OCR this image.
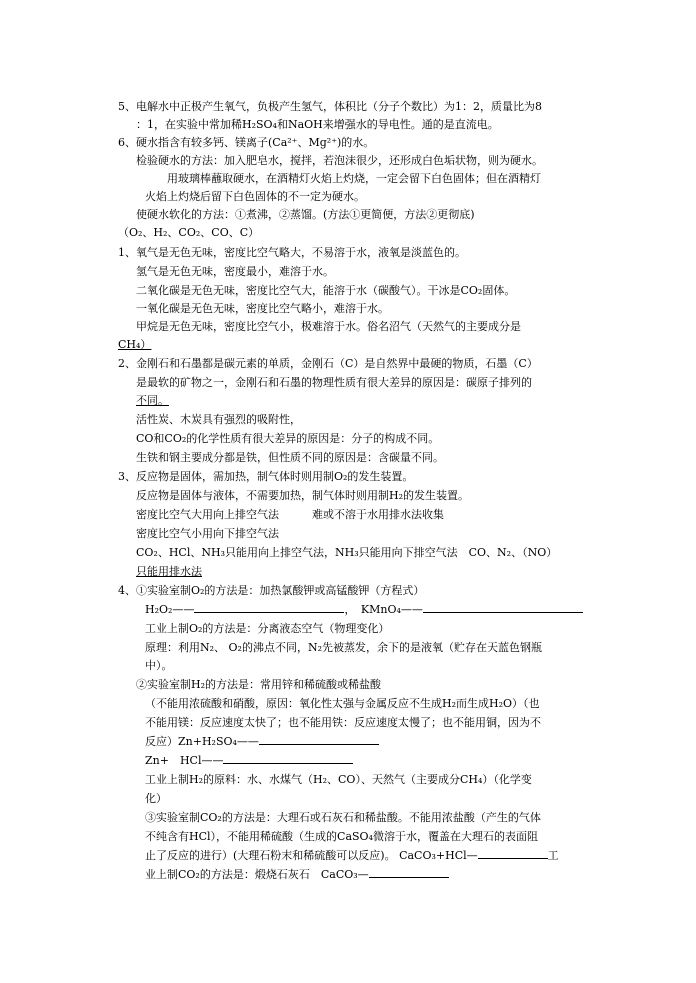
5、电解水中正极产生氧气，负极产生氢气，体积比（分子个数比）为1：2，质量比为8
：1，在实验中常加稀H₂SO₄和NaOH来增强水的导电性。通的是直流电。
6、硬水指含有较多钙、镁离子(Ca²⁺、Mg²⁺)的水。
检验硬水的方法：加入肥皂水，搅拌，若泡沫很少，还形成白色垢状物，则为硬水。
用玻璃棒蘸取硬水，在酒精灯火焰上灼烧，一定会留下白色固体；但在酒精灯
火焰上灼烧后留下白色固体的不一定为硬水。
使硬水软化的方法：①煮沸，②蒸馏。(方法①更简便，方法②更彻底)
（O₂、H₂、CO₂、CO、C）
1、氧气是无色无味，密度比空气略大，不易溶于水，液氧是淡蓝色的。
氢气是无色无味，密度最小，难溶于水。
二氧化碳是无色无味，密度比空气大，能溶于水（碳酸气）。干冰是CO₂固体。
一氧化碳是无色无味，密度比空气略小，难溶于水。
甲烷是无色无味，密度比空气小，极难溶于水。俗名沼气（天然气的主要成分是
CH₄）
2、金刚石和石墨都是碳元素的单质，金刚石（C）是自然界中最硬的物质，石墨（C）
是最软的矿物之一，金刚石和石墨的物理性质有很大差异的原因是：碳原子排列的
不同。
活性炭、木炭具有强烈的吸附性，
CO和CO₂的化学性质有很大差异的原因是：分子的构成不同。
生铁和钢主要成分都是铁，但性质不同的原因是：含碳量不同。
3、反应物是固体，需加热，制气体时则用制O₂的发生装置。
反应物是固体与液体，不需要加热，制气体时则用制H₂的发生装置。
密度比空气大用向上排空气法　　　难或不溶于水用排水法收集
密度比空气小用向下排空气法
CO₂、HCl、NH₃只能用向上排空气法，NH₃只能用向下排空气法　CO、N₂、（NO）
只能用排水法
4、①实验室制O₂的方法是：加热氯酸钾或高锰酸钾（方程式）
H₂O₂——	，　KMnO₄——
工业上制O₂的方法是：分离液态空气（物理变化）
原理：利用N₂、 O₂的沸点不同，N₂先被蒸发，余下的是液氧（贮存在天蓝色钢瓶
中）。
②实验室制H₂的方法是：常用锌和稀硫酸或稀盐酸
（不能用浓硫酸和硝酸，原因：氧化性太强与金属反应不生成H₂而生成H₂O）（也
不能用镁：反应速度太快了；也不能用铁：反应速度太慢了；也不能用铜，因为不
反应）Zn+H₂SO₄——
Zn+　HCl——
工业上制H₂的原料：水、水煤气（H₂、CO）、天然气（主要成分CH₄）（化学变
化）
③实验室制CO₂的方法是：大理石或石灰石和稀盐酸。不能用浓盐酸（产生的气体
不纯含有HCl），不能用稀硫酸（生成的CaSO₄微溶于水，覆盖在大理石的表面阻
止了反应的进行）(大理石粉末和稀硫酸可以反应)。 CaCO₃+HCl—	工
业上制CO₂的方法是：煅烧石灰石　CaCO₃—
